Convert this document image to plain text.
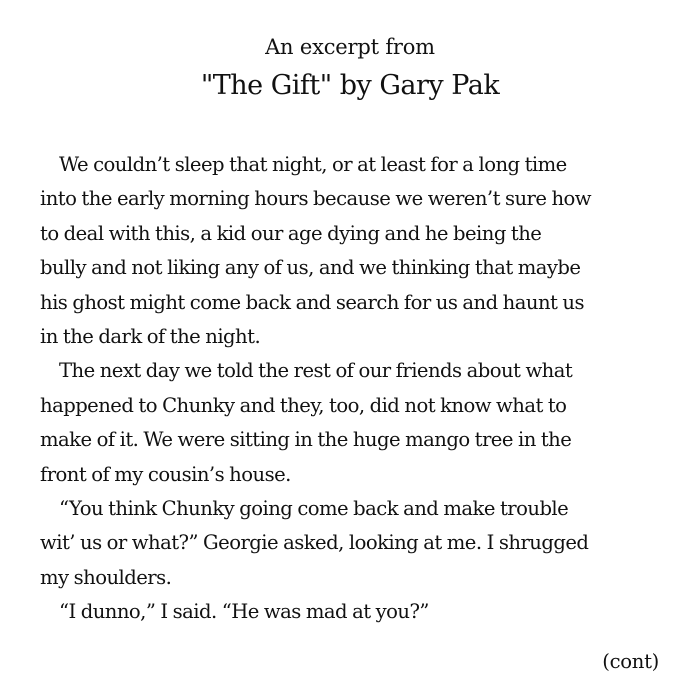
An excerpt from
"The Gift" by Gary Pak
We couldn’t sleep that night, or at least for a long time
into the early morning hours because we weren’t sure how
to deal with this, a kid our age dying and he being the
bully and not liking any of us, and we thinking that maybe
his ghost might come back and search for us and haunt us
in the dark of the night.
The next day we told the rest of our friends about what
happened to Chunky and they, too, did not know what to
make of it. We were sitting in the huge mango tree in the
front of my cousin’s house.
“You think Chunky going come back and make trouble
wit’ us or what?” Georgie asked, looking at me. I shrugged
my shoulders.
“I dunno,” I said. “He was mad at you?”
(cont)
